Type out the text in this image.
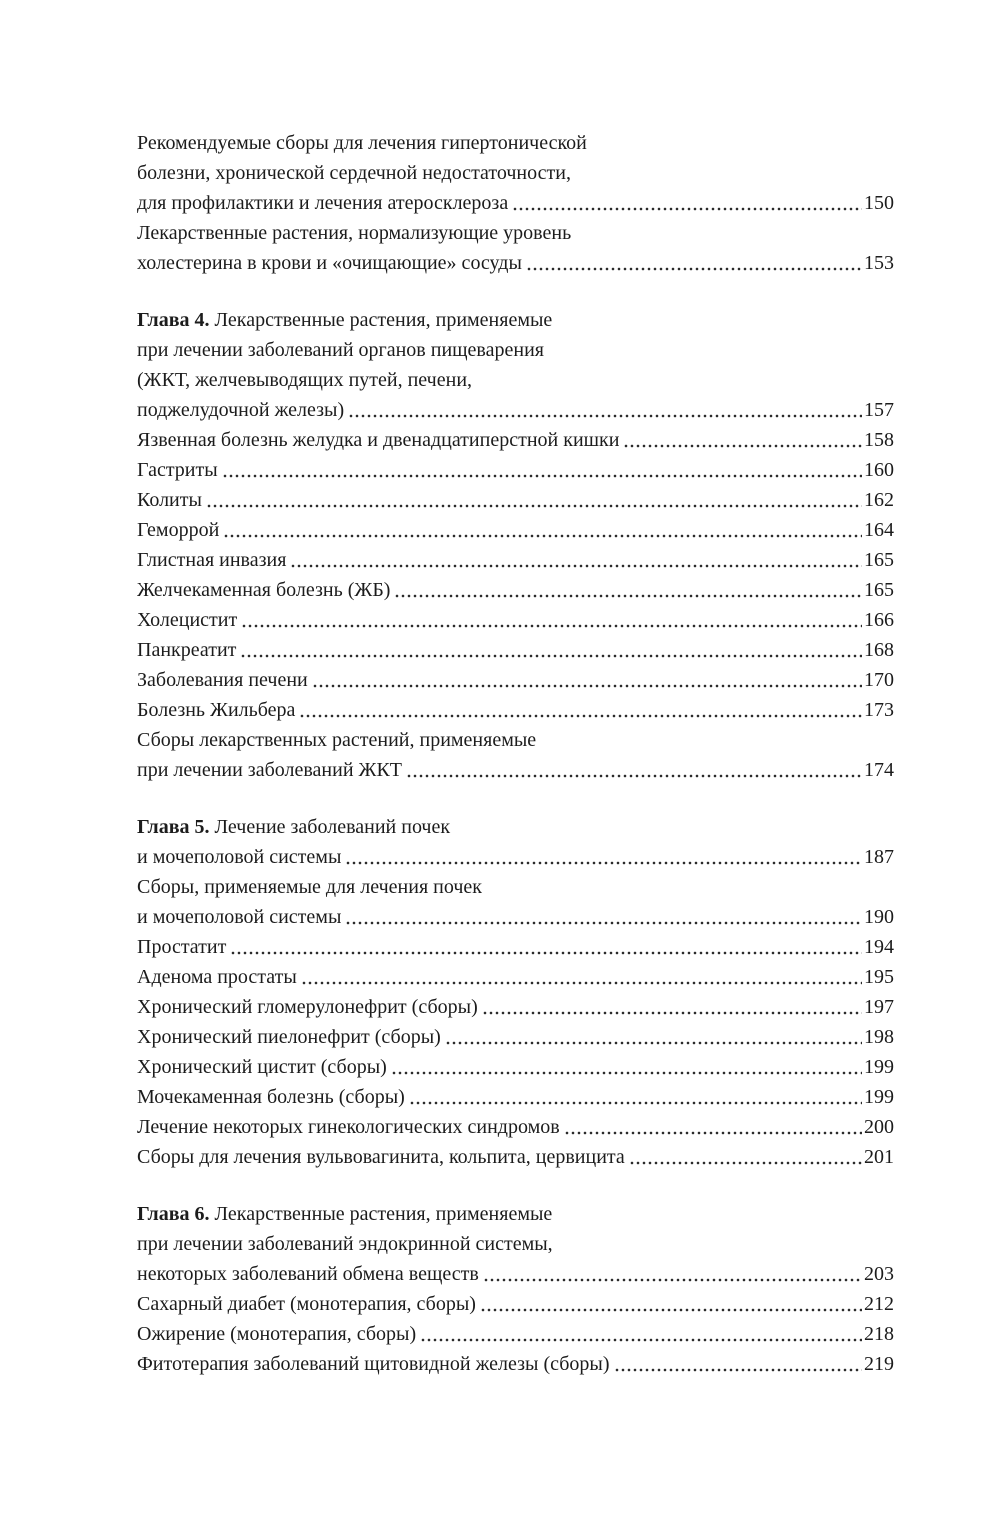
Рекомендуемые сборы для лечения гипертонической
болезни, хронической сердечной недостаточности,
для профилактики и лечения атеросклероза	150
Лекарственные растения, нормализующие уровень
холестерина в крови и «очищающие» сосуды	153
Глава 4. Лекарственные растения, применяемые
при лечении заболеваний органов пищеварения
(ЖКТ, желчевыводящих путей, печени,
поджелудочной железы)	157
Язвенная болезнь желудка и двенадцатиперстной кишки	158
Гастриты	160
Колиты	162
Геморрой	164
Глистная инвазия	165
Желчекаменная болезнь (ЖБ)	165
Холецистит	166
Панкреатит	168
Заболевания печени	170
Болезнь Жильбера	173
Сборы лекарственных растений, применяемые
при лечении заболеваний ЖКТ	174
Глава 5. Лечение заболеваний почек
и мочеполовой системы	187
Сборы, применяемые для лечения почек
и мочеполовой системы	190
Простатит	194
Аденома простаты	195
Хронический гломерулонефрит (сборы)	197
Хронический пиелонефрит (сборы)	198
Хронический цистит (сборы)	199
Мочекаменная болезнь (сборы)	199
Лечение некоторых гинекологических синдромов	200
Сборы для лечения вульвовагинита, кольпита, цервицита	201
Глава 6. Лекарственные растения, применяемые
при лечении заболеваний эндокринной системы,
некоторых заболеваний обмена веществ	203
Сахарный диабет (монотерапия, сборы)	212
Ожирение (монотерапия, сборы)	218
Фитотерапия заболеваний щитовидной железы (сборы)	219
